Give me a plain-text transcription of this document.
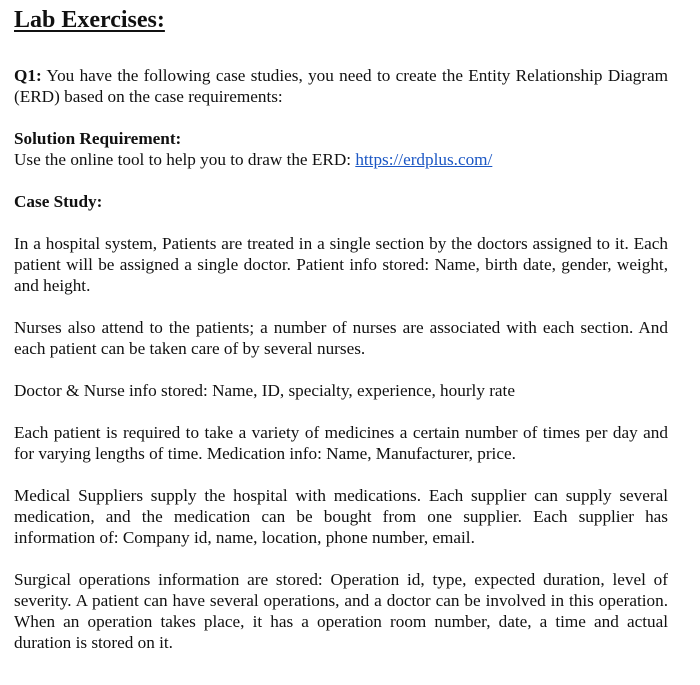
Lab Exercises:

Q1: You have the following case studies, you need to create the Entity Relationship Diagram (ERD) based on the case requirements:

Solution Requirement:

Use the online tool to help you to draw the ERD: https://erdplus.com/

Case Study:

In a hospital system, Patients are treated in a single section by the doctors assigned to it. Each patient will be assigned a single doctor. Patient info stored: Name, birth date, gender, weight, and height.

Nurses also attend to the patients; a number of nurses are associated with each section. And each patient can be taken care of by several nurses.

Doctor & Nurse info stored: Name, ID, specialty, experience, hourly rate

Each patient is required to take a variety of medicines a certain number of times per day and for varying lengths of time. Medication info: Name, Manufacturer, price.

Medical Suppliers supply the hospital with medications. Each supplier can supply several medication, and the medication can be bought from one supplier. Each supplier has information of: Company id, name, location, phone number, email.

Surgical operations information are stored: Operation id, type, expected duration, level of severity. A patient can have several operations, and a doctor can be involved in this operation. When an operation takes place, it has a operation room number, date, a time and actual duration is stored on it.
